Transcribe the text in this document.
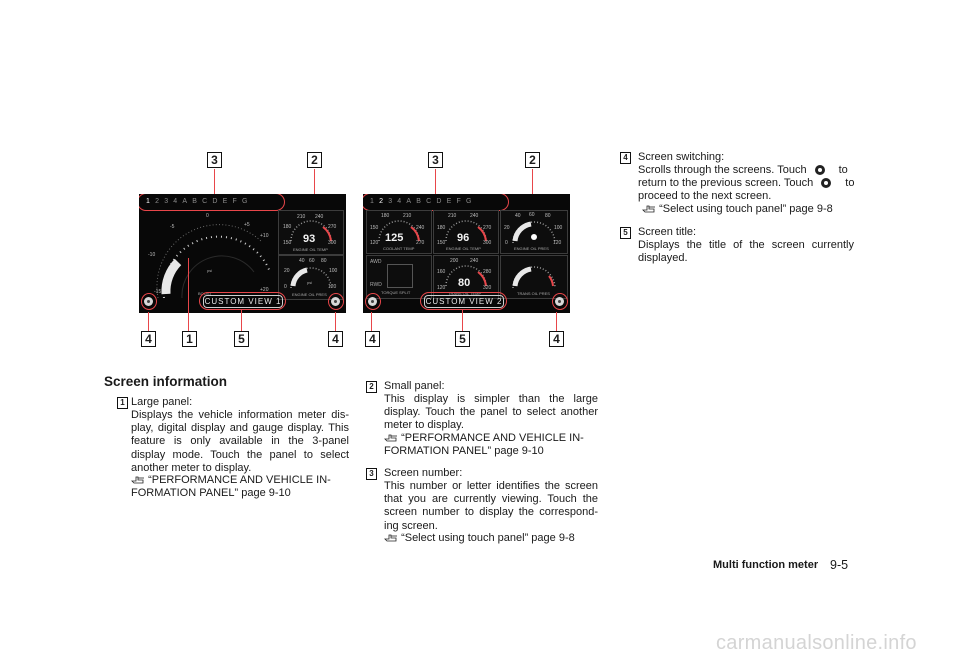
3	2	3	2
1234ABCDEFG
-15
-10
-5
0
+5
+10
+20
psi
BOOST
210 240
180	270
150	300
93
ENGINE OIL TEMP
40 60 80
100
20
0	120
psi
ENGINE OIL PRES
CUSTOM VIEW 1
1234ABCDEFG
180	210
150	240
120	270
125
COOLANT TEMP
210	240
180	270
150	300
96
ENGINE OIL TEMP
40 60 80
20	100
0	120
ENGINE OIL PRES
AWD
RWD
TORQUE SPLIT
200 240
160	280
120	320
80
TRANS OIL TEMP	TRANS OIL PRES
CUSTOM VIEW 2
4	1	5	4	4	5	4
Screen information
1 Large panel:
Displays the vehicle information meter dis- play, digital display and gauge display. This feature is only available in the 3-panel display mode. Touch the panel to select another meter to display.
“PERFORMANCE AND VEHICLE IN-
FORMATION PANEL” page 9-10
2 Small panel:
This display is simpler than the large display. Touch the panel to select another meter to display.
“PERFORMANCE AND VEHICLE IN-
FORMATION PANEL” page 9-10
3 Screen number:
This number or letter identifies the screen that you are currently viewing. Touch the screen number to display the correspond- ing screen.
“Select using touch panel” page 9-8
4 Screen switching:
Scrolls through the screens. Touch	to
return to the previous screen. Touch	to
proceed to the next screen.
“Select using touch panel” page 9-8
5 Screen title:
Displays the title of the screen currently displayed.
Multi function meter 9-5
carmanualsonline.info
